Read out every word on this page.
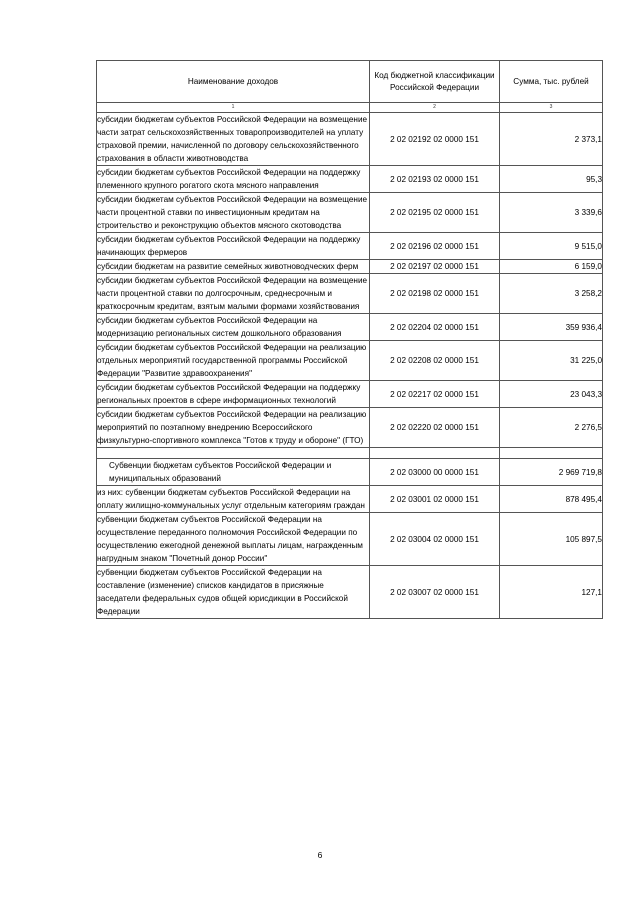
Наименование доходов	Код бюджетной классификации Российской Федерации	Сумма, тыс. рублей
1	2	3
субсидии бюджетам субъектов Российской Федерации на возмещение части затрат сельскохозяйственных товаропроизводителей на уплату страховой премии, начисленной по договору сельскохозяйственного страхования в области животноводства	2 02 02192 02 0000 151	2 373,1
субсидии бюджетам субъектов Российской Федерации на поддержку племенного крупного рогатого скота мясного направления	2 02 02193 02 0000 151	95,3
субсидии бюджетам субъектов Российской Федерации на возмещение части процентной ставки по инвестиционным кредитам на строительство и реконструкцию объектов мясного скотоводства	2 02 02195 02 0000 151	3 339,6
субсидии бюджетам субъектов Российской Федерации на поддержку начинающих фермеров	2 02 02196 02 0000 151	9 515,0
субсидии бюджетам на развитие семейных животноводческих ферм	2 02 02197 02 0000 151	6 159,0
субсидии бюджетам субъектов Российской Федерации на возмещение части процентной ставки по долгосрочным, среднесрочным и краткосрочным кредитам, взятым малыми формами хозяйствования	2 02 02198 02 0000 151	3 258,2
субсидии бюджетам субъектов Российской Федерации на модернизацию региональных систем дошкольного образования	2 02 02204 02 0000 151	359 936,4
субсидии бюджетам субъектов Российской Федерации на реализацию отдельных мероприятий государственной программы Российской Федерации "Развитие здравоохранения"	2 02 02208 02 0000 151	31 225,0
субсидии бюджетам субъектов Российской Федерации на поддержку региональных проектов в сфере информационных технологий	2 02 02217 02 0000 151	23 043,3
субсидии бюджетам субъектов Российской Федерации на реализацию мероприятий по поэтапному внедрению Всероссийского физкультурно-спортивного комплекса "Готов к труду и обороне" (ГТО)	2 02 02220 02 0000 151	2 276,5

Субвенции бюджетам субъектов Российской Федерации и муниципальных образований	2 02 03000 00 0000 151	2 969 719,8
из них: субвенции бюджетам субъектов Российской Федерации на оплату жилищно-коммунальных услуг отдельным категориям граждан	2 02 03001 02 0000 151	878 495,4
субвенции бюджетам субъектов Российской Федерации на осуществление переданного полномочия Российской Федерации по осуществлению ежегодной денежной выплаты лицам, награжденным нагрудным знаком "Почетный донор России"	2 02 03004 02 0000 151	105 897,5
субвенции бюджетам субъектов Российской Федерации на составление (изменение) списков кандидатов в присяжные заседатели федеральных судов общей юрисдикции в Российской Федерации	2 02 03007 02 0000 151	127,1
6
